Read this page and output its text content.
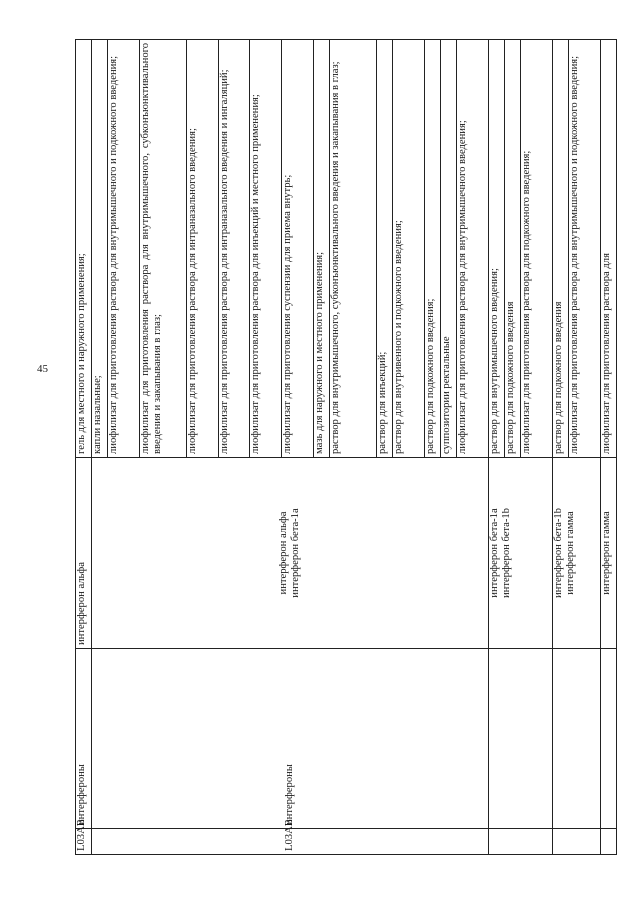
45
L03AB	интерфероны	интерферон альфа	гель для местного и наружного применения;
L03AB	интерфероны	интерферон альфа интерферон бета-1а	капли назальные;
			лиофилизат для приготовления раствора для внутримышечного и подкожного введения;
			лиофилизат для приготовления раствора для внутримышечного, субконъюнктивального введения и закапывания в глаз;
			лиофилизат для приготовления раствора для интраназального введения;
			лиофилизат для приготовления раствора для интраназального введения и ингаляций;
			лиофилизат для приготовления раствора для инъекций и местного применения;
			лиофилизат для приготовления суспензии для приема внутрь;
			мазь для наружного и местного применения;
			раствор для внутримышечного, субконъюнктивального введения и закапывания в глаз;
			раствор для инъекций;
			раствор для внутривенного и подкожного введения;
			раствор для подкожного введения;
			суппозитории ректальные
			лиофилизат для приготовления раствора для внутримышечного введения;

		интерферон бета-1а интерферон бета-1b	раствор для внутримышечного введения;
			раствор для подкожного введения
			лиофилизат для приготовления раствора для подкожного введения;

		интерферон бета-1b интерферон гамма	раствор для подкожного введения
			лиофилизат для приготовления раствора для внутримышечного и подкожного введения;
		интерферон гамма	лиофилизат для приготовления раствора для
